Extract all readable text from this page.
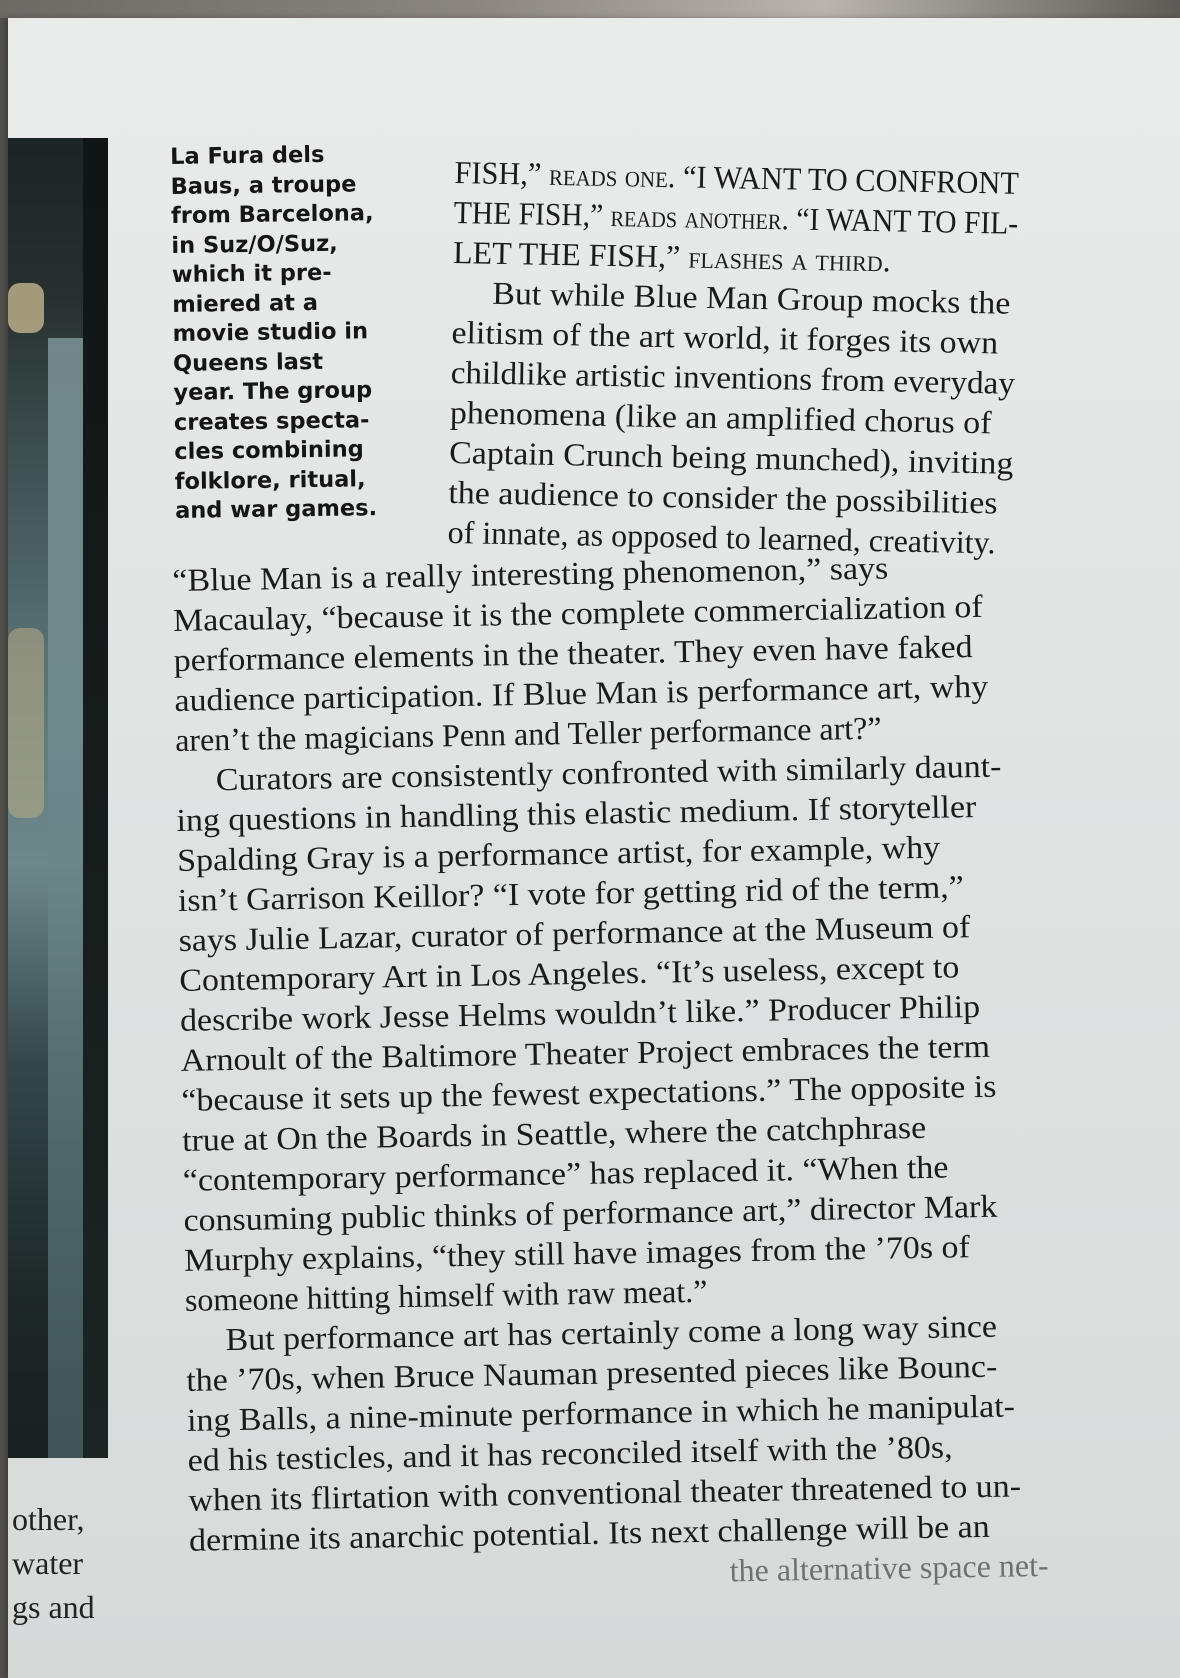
La Fura dels
Baus, a troupe
from Barcelona,
in Suz/O/Suz,
which it pre-
miered at a
movie studio in
Queens last
year. The group
creates specta-
cles combining
folklore, ritual,
and war games.
FISH,” reads one. “I WANT TO CONFRONT
THE FISH,” reads another. “I WANT TO FIL-
LET THE FISH,” flashes a third.
But while Blue Man Group mocks the
elitism of the art world, it forges its own
childlike artistic inventions from everyday
phenomena (like an amplified chorus of
Captain Crunch being munched), inviting
the audience to consider the possibilities
of innate, as opposed to learned, creativity.
“Blue Man is a really interesting phenomenon,” says
Macaulay, “because it is the complete commercialization of
performance elements in the theater. They even have faked
audience participation. If Blue Man is performance art, why
aren’t the magicians Penn and Teller performance art?”
Curators are consistently confronted with similarly daunt-
ing questions in handling this elastic medium. If storyteller
Spalding Gray is a performance artist, for example, why
isn’t Garrison Keillor? “I vote for getting rid of the term,”
says Julie Lazar, curator of performance at the Museum of
Contemporary Art in Los Angeles. “It’s useless, except to
describe work Jesse Helms wouldn’t like.” Producer Philip
Arnoult of the Baltimore Theater Project embraces the term
“because it sets up the fewest expectations.” The opposite is
true at On the Boards in Seattle, where the catchphrase
“contemporary performance” has replaced it. “When the
consuming public thinks of performance art,” director Mark
Murphy explains, “they still have images from the ’70s of
someone hitting himself with raw meat.”
But performance art has certainly come a long way since
the ’70s, when Bruce Nauman presented pieces like Bounc-
ing Balls, a nine-minute performance in which he manipulat-
ed his testicles, and it has reconciled itself with the ’80s,
when its flirtation with conventional theater threatened to un-
dermine its anarchic potential. Its next challenge will be an
the alternative space net-
other,
water
gs and
